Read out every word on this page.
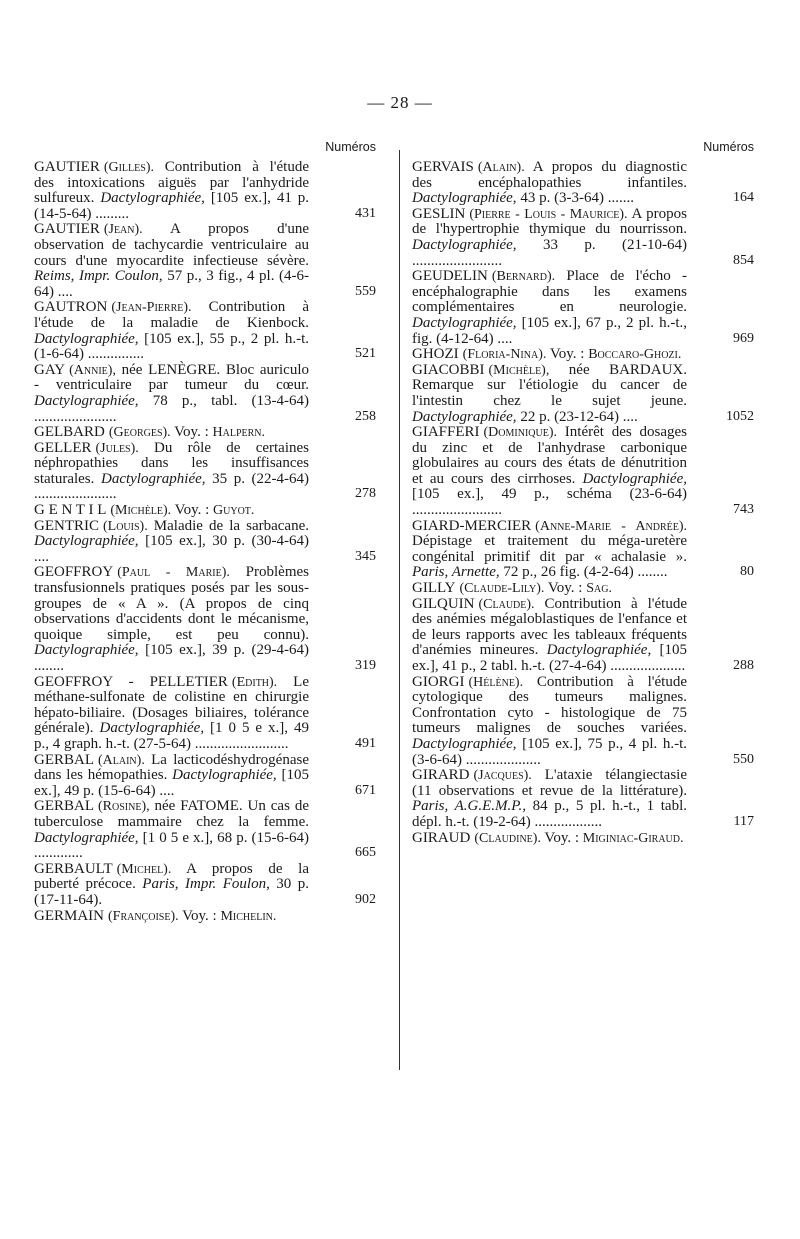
— 28 —
Numéros
GAUTIER (Gilles). Contribution à l'étude des intoxications aiguës par l'anhydride sulfureux. Dactylographiée, [105 ex.], 41 p. (14-5-64) .........	431
GAUTIER (Jean). A propos d'une observation de tachycardie ventriculaire au cours d'une myocardite infectieuse sévère. Reims, Impr. Coulon, 57 p., 3 fig., 4 pl. (4-6-64) ....	559
GAUTRON (Jean-Pierre). Contribution à l'étude de la maladie de Kienbock. Dactylographiée, [105 ex.], 55 p., 2 pl. h.-t. (1-6-64) ...............	521
GAY (Annie), née LENÈGRE. Bloc auriculo - ventriculaire par tumeur du cœur. Dactylographiée, 78 p., tabl. (13-4-64) ......................	258
GELBARD (Georges). Voy. : Halpern.
GELLER (Jules). Du rôle de certaines néphropathies dans les insuffisances staturales. Dactylographiée, 35 p. (22-4-64) ......................	278
G E N T I L (Michèle). Voy. : Guyot.
GENTRIC (Louis). Maladie de la sarbacane. Dactylographiée, [105 ex.], 30 p. (30-4-64) ....	345
GEOFFROY (Paul - Marie). Problèmes transfusionnels pratiques posés par les sous-groupes de « A ». (A propos de cinq observations d'accidents dont le mécanisme, quoique simple, est peu connu). Dactylographiée, [105 ex.], 39 p. (29-4-64) ........	319
GEOFFROY - PELLETIER (Edith). Le méthane-sulfonate de colistine en chirurgie hépato-biliaire. (Dosages biliaires, tolérance générale). Dactylographiée, [1 0 5 e x.], 49 p., 4 graph. h.-t. (27-5-64) .........................	491
GERBAL (Alain). La lacticodéshydrogénase dans les hémopathies. Dactylographiée, [105 ex.], 49 p. (15-6-64) ....	671
GERBAL (Rosine), née FATOME. Un cas de tuberculose mammaire chez la femme. Dactylographiée, [1 0 5 e x.], 68 p. (15-6-64) .............	665
GERBAULT (Michel). A propos de la puberté précoce. Paris, Impr. Foulon, 30 p. (17-11-64).	902
GERMAIN (Françoise). Voy. : Michelin.
Numéros
GERVAIS (Alain). A propos du diagnostic des encéphalopathies infantiles. Dactylographiée, 43 p. (3-3-64) .......	164
GESLIN (Pierre - Louis - Maurice). A propos de l'hypertrophie thymique du nourrisson. Dactylographiée, 33 p. (21-10-64) ........................	854
GEUDELIN (Bernard). Place de l'écho - encéphalographie dans les examens complémentaires en neurologie. Dactylographiée, [105 ex.], 67 p., 2 pl. h.-t., fig. (4-12-64) ....	969
GHOZI (Floria-Nina). Voy. : Boccaro-Ghozi.
GIACOBBI (Michèle), née BARDAUX. Remarque sur l'étiologie du cancer de l'intestin chez le sujet jeune. Dactylographiée, 22 p. (23-12-64) ....	1052
GIAFFERI (Dominique). Intérêt des dosages du zinc et de l'anhydrase carbonique globulaires au cours des états de dénutrition et au cours des cirrhoses. Dactylographiée, [105 ex.], 49 p., schéma (23-6-64) ........................	743
GIARD-MERCIER (Anne-Marie - Andrée). Dépistage et traitement du méga-uretère congénital primitif dit par « achalasie ». Paris, Arnette, 72 p., 26 fig. (4-2-64) ........	80
GILLY (Claude-Lily). Voy. : Sag.
GILQUIN (Claude). Contribution à l'étude des anémies mégaloblastiques de l'enfance et de leurs rapports avec les tableaux fréquents d'anémies mineures. Dactylographiée, [105 ex.], 41 p., 2 tabl. h.-t. (27-4-64) ....................	288
GIORGI (Hélène). Contribution à l'étude cytologique des tumeurs malignes. Confrontation cyto - histologique de 75 tumeurs malignes de souches variées. Dactylographiée, [105 ex.], 75 p., 4 pl. h.-t. (3-6-64) ....................	550
GIRARD (Jacques). L'ataxie télangiectasie (11 observations et revue de la littérature). Paris, A.G.E.M.P., 84 p., 5 pl. h.-t., 1 tabl. dépl. h.-t. (19-2-64) ..................	117
GIRAUD (Claudine). Voy. : Miginiac-Giraud.
